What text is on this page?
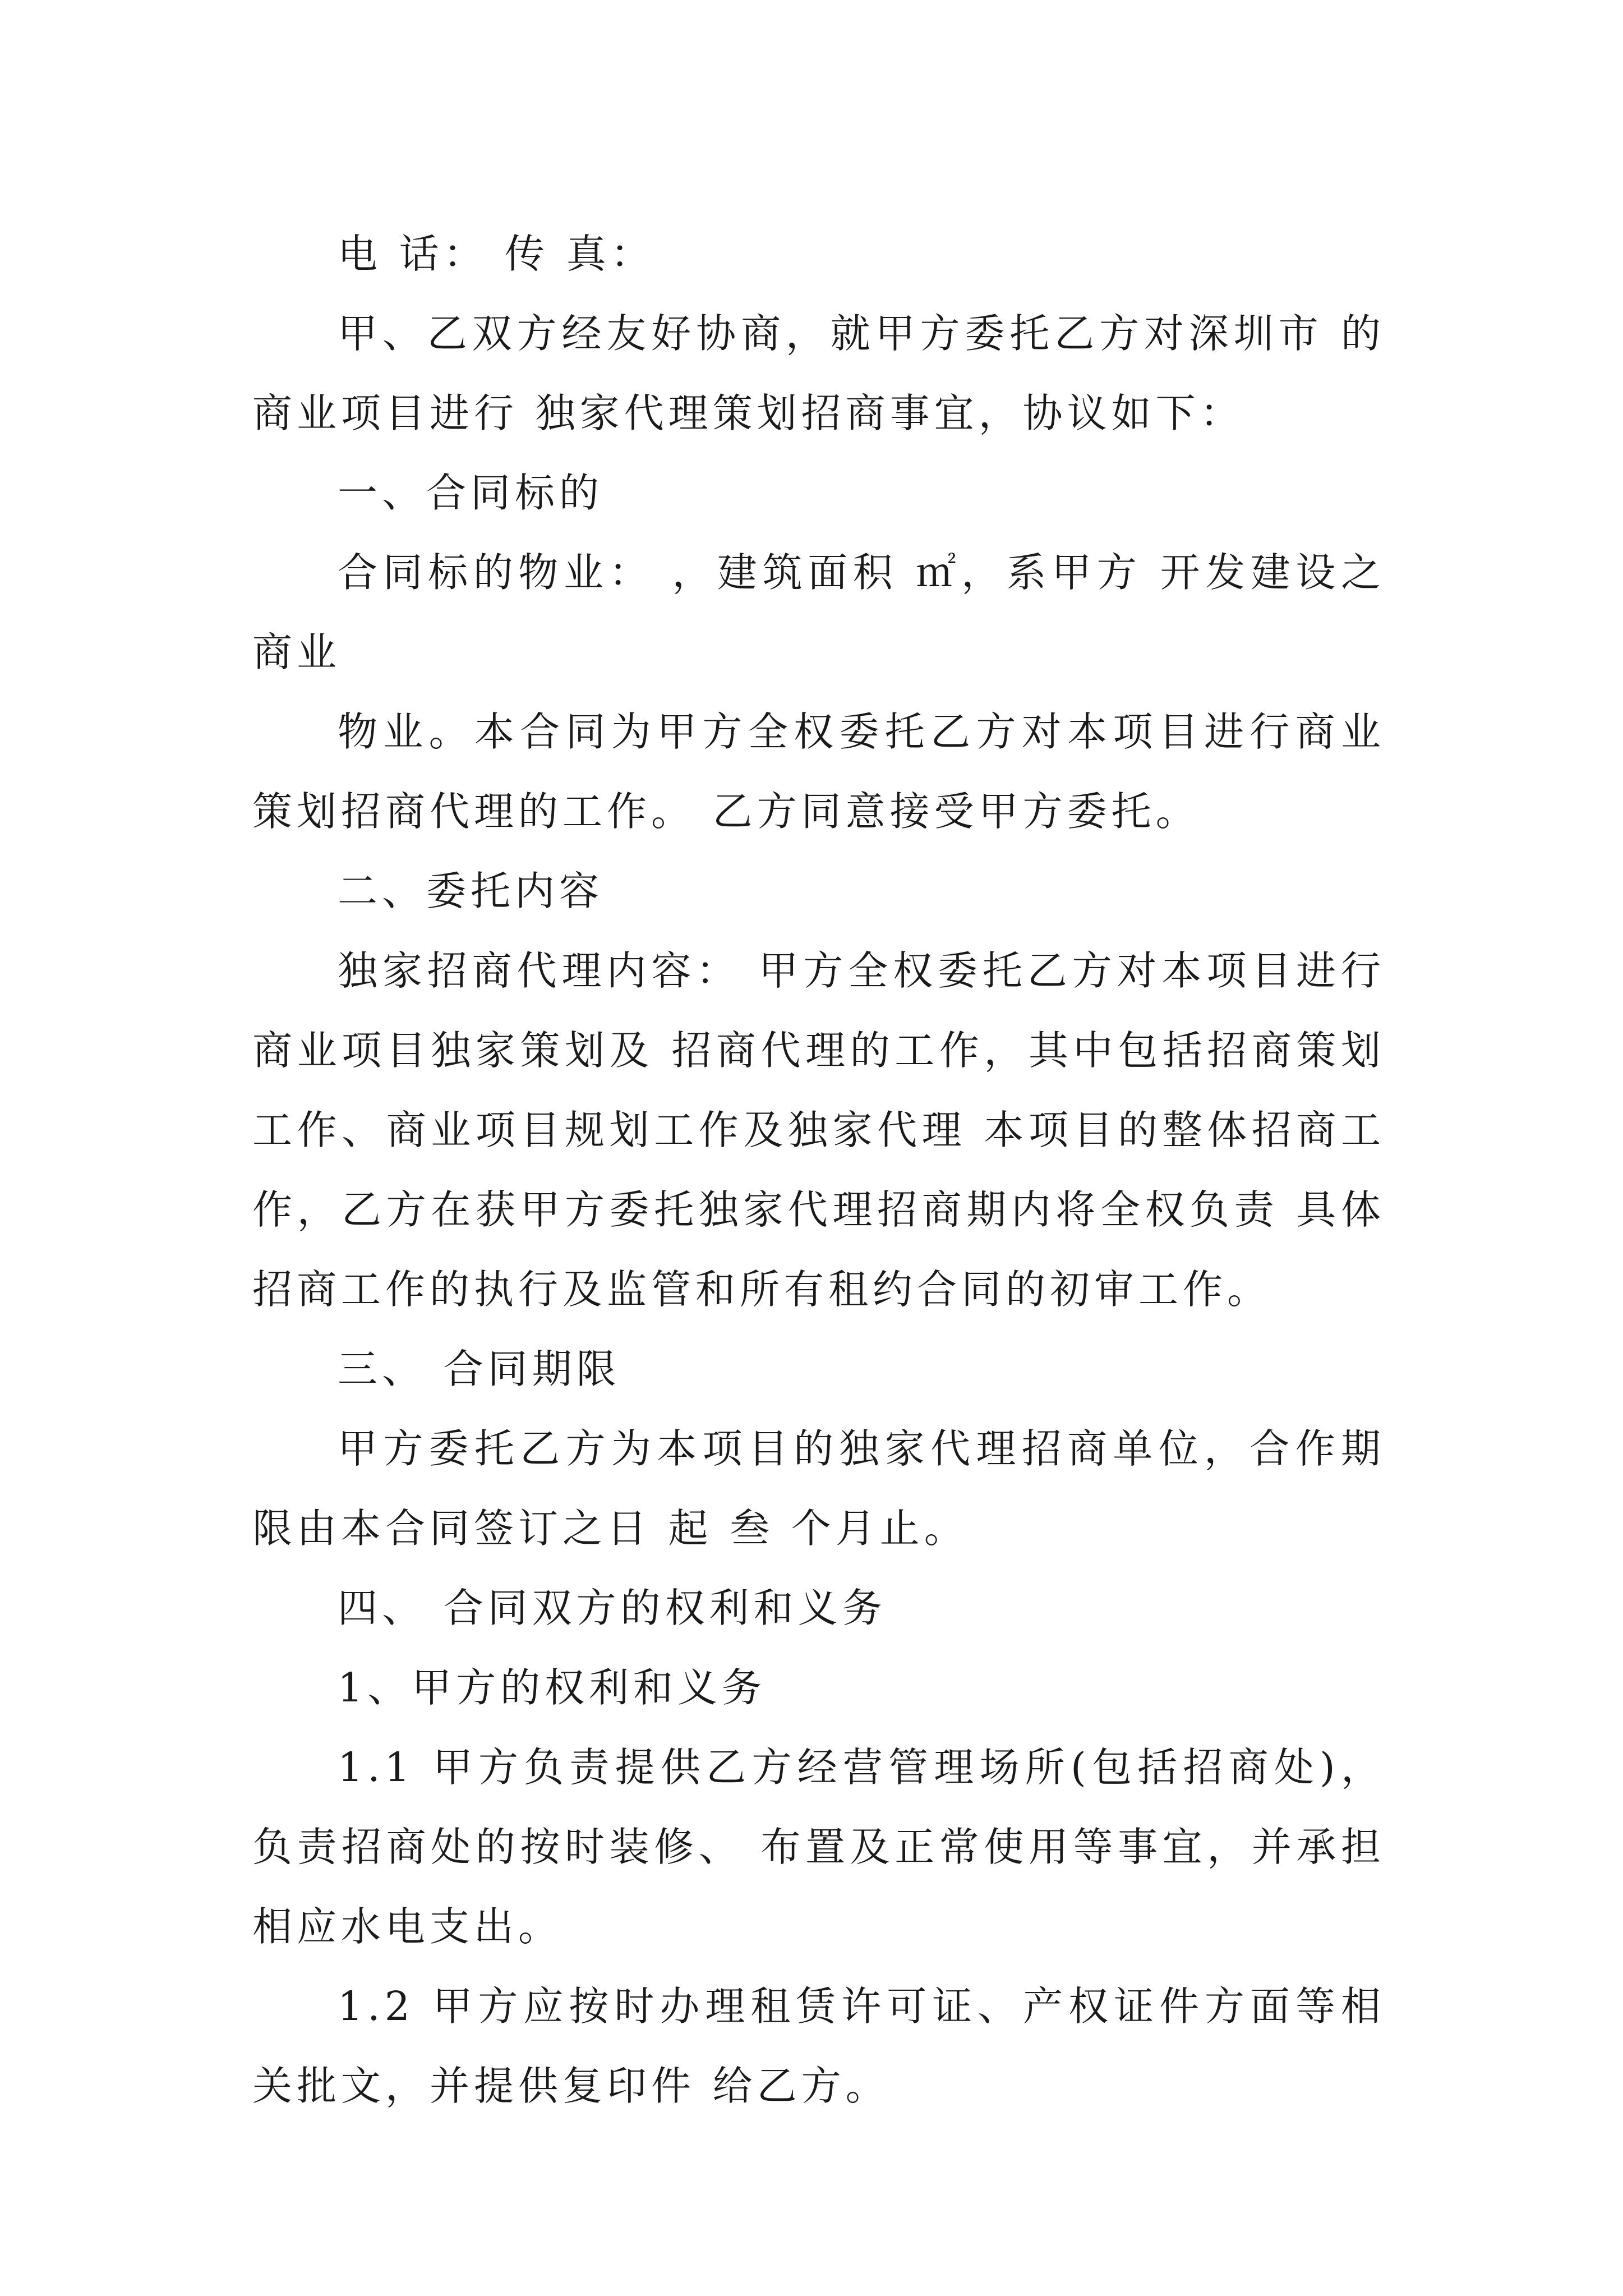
电 话： 传 真：

甲、乙双方经友好协商，就甲方委托乙方对深圳市 的商业项目进行 独家代理策划招商事宜，协议如下：

一、合同标的

合同标的物业： ，建筑面积 ㎡，系甲方 开发建设之商业

物业。本合同为甲方全权委托乙方对本项目进行商业策划招商代理的工作。 乙方同意接受甲方委托。

二、委托内容

独家招商代理内容： 甲方全权委托乙方对本项目进行商业项目独家策划及 招商代理的工作，其中包括招商策划工作、商业项目规划工作及独家代理 本项目的整体招商工作，乙方在获甲方委托独家代理招商期内将全权负责 具体招商工作的执行及监管和所有租约合同的初审工作。

三、 合同期限

甲方委托乙方为本项目的独家代理招商单位，合作期限由本合同签订之日 起 叁 个月止。

四、 合同双方的权利和义务

1、甲方的权利和义务

1.1 甲方负责提供乙方经营管理场所(包括招商处)，负责招商处的按时装修、 布置及正常使用等事宜，并承担相应水电支出。

1.2 甲方应按时办理租赁许可证、产权证件方面等相关批文，并提供复印件 给乙方。
